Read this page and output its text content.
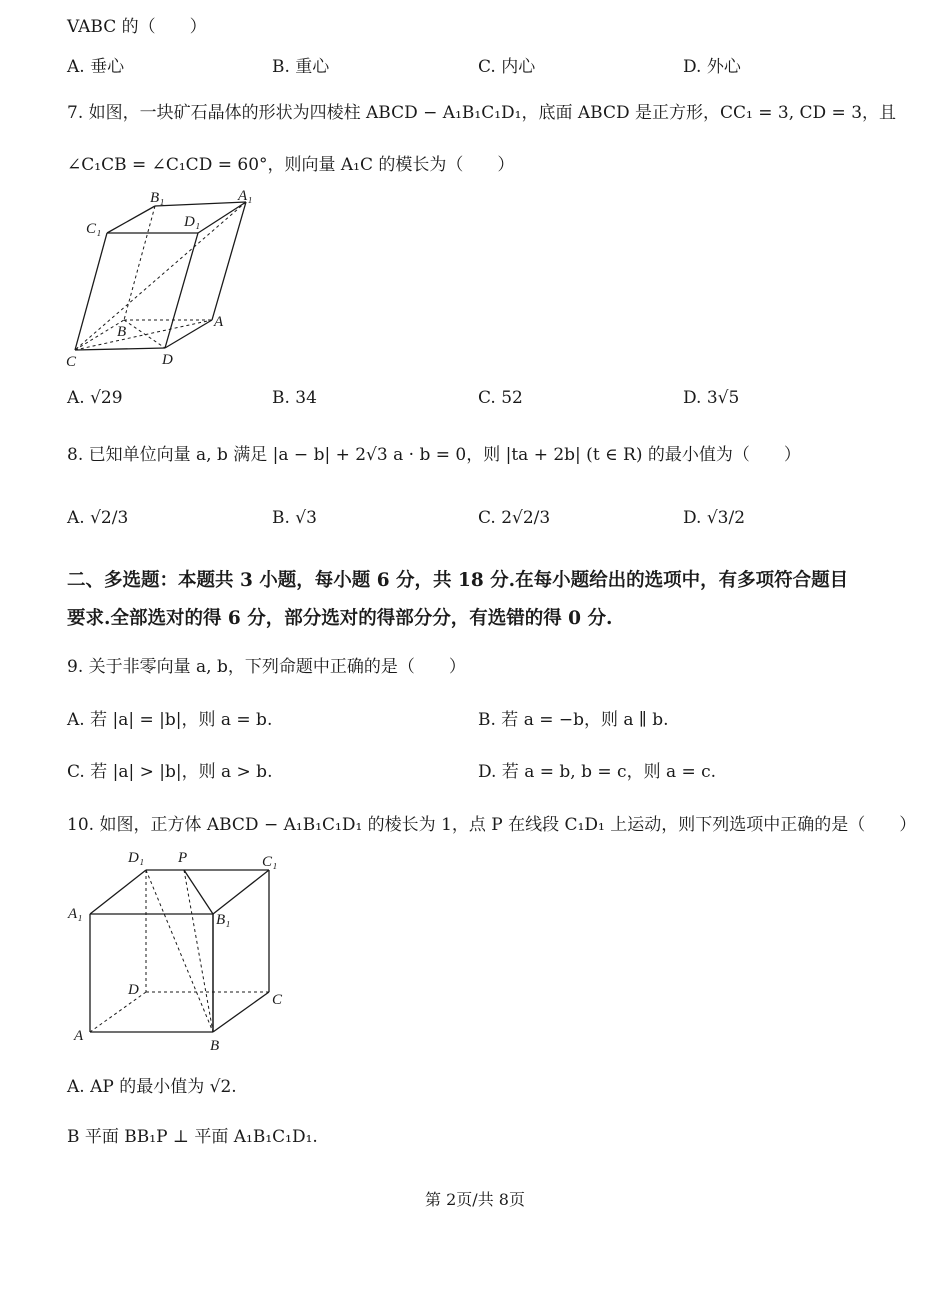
VABC 的（　　）
A. 垂心	B. 重心	C. 内心	D. 外心
7. 如图，一块矿石晶体的形状为四棱柱 ABCD − A₁B₁C₁D₁，底面 ABCD 是正方形，CC₁ = 3, CD = 3，且
∠C₁CB = ∠C₁CD = 60°，则向量 A₁C 的模长为（　　）
B₁	A₁
C₁	D₁
B
A
C	D
A. √29	B. 34	C. 52	D. 3√5
8. 已知单位向量 a, b 满足 |a − b| + 2√3 a · b = 0，则 |ta + 2b| (t ∈ R) 的最小值为（　　）
A. √2/3	B. √3	C. 2√2/3	D. √3/2
二、多选题：本题共 3 小题，每小题 6 分，共 18 分.在每小题给出的选项中，有多项符合题目
要求.全部选对的得 6 分，部分选对的得部分分，有选错的得 0 分.
9. 关于非零向量 a, b，下列命题中正确的是（　　）
A. 若 |a| = |b|，则 a = b.	B. 若 a = −b，则 a ∥ b.
C. 若 |a| > |b|，则 a > b.	D. 若 a = b, b = c，则 a = c.
10. 如图，正方体 ABCD − A₁B₁C₁D₁ 的棱长为 1，点 P 在线段 C₁D₁ 上运动，则下列选项中正确的是（　　）
D₁ P	C₁
A₁	B₁
D
C
A
B
A. AP 的最小值为 √2.
B 平面 BB₁P ⊥ 平面 A₁B₁C₁D₁.
第 2页/共 8页
